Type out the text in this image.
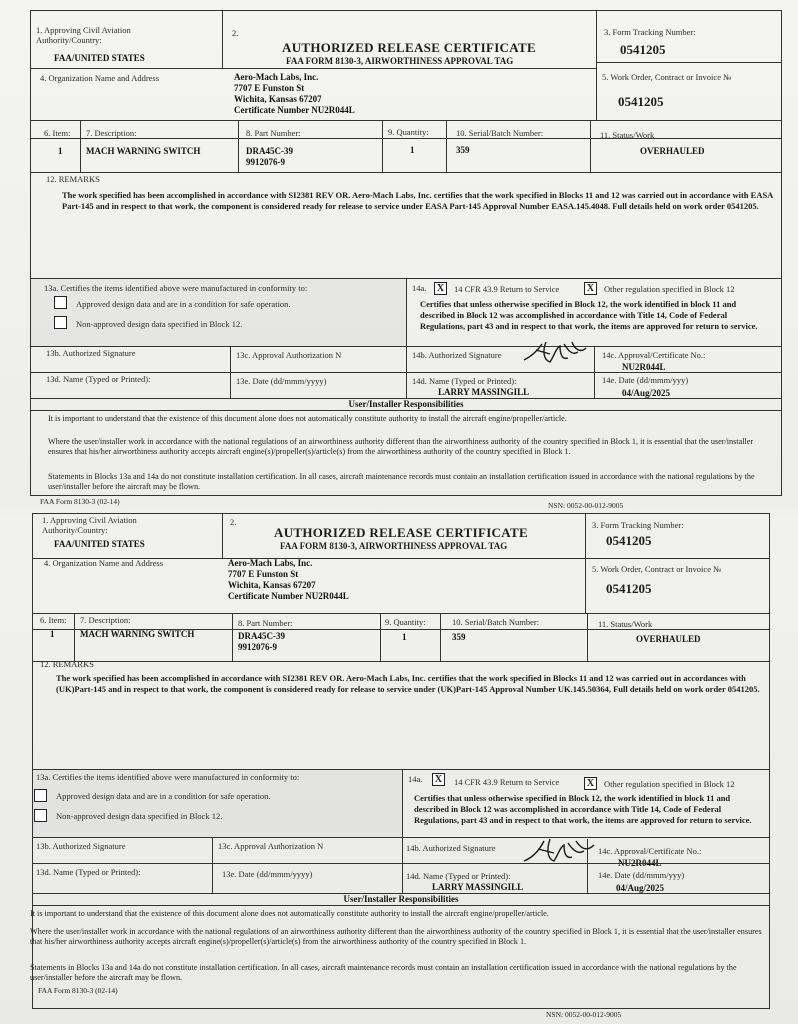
1. Approving Civil Aviation Authority/Country:
FAA/UNITED STATES
2.
AUTHORIZED RELEASE CERTIFICATE
FAA FORM 8130-3, AIRWORTHINESS APPROVAL TAG
3. Form Tracking Number:
0541205
4. Organization Name and Address	Aero-Mach Labs, Inc.
7707 E Funston St
Wichita, Kansas 67207
Certificate Number NU2R044L
5. Work Order, Contract or Invoice №
0541205
6. Item: 7. Description:	8. Part Number:	9. Quantity:	10. Serial/Batch Number:	11. Status/Work
1	MACH WARNING SWITCH	DRA45C-39
9912076-9
1	359	OVERHAULED
12. REMARKS
The work specified has been accomplished in accordance with SI2381 REV OR. Aero-Mach Labs, Inc. certifies that the work specified in Blocks 11 and 12 was carried out in accordance with EASA Part-145 and in respect to that work, the component is considered ready for release to service under EASA Part-145 Approval Number EASA.145.4048. Full details held on work order 0541205.
13a. Certifies the items identified above were manufactured in conformity to:
Approved design data and are in a condition for safe operation.
Non-approved design data specified in Block 12.
14a. X	14 CFR 43.9 Return to Service	X	Other regulation specified in Block 12
Certifies that unless otherwise specified in Block 12, the work identified in block 11 and described in Block 12 was accomplished in accordance with Title 14, Code of Federal Regulations, part 43 and in respect to that work, the items are approved for return to service.
13b. Authorized Signature	13c. Approval Authorization N	14b. Authorized Signature	14c. Approval/Certificate No.:
NU2R044L
13d. Name (Typed or Printed):	13e. Date (dd/mmm/yyyy)	14d. Name (Typed or Printed):
LARRY MASSINGILL
14e. Date (dd/mmm/yyy)
04/Aug/2025
User/Installer Responsibilities
It is important to understand that the existence of this document alone does not automatically constitute authority to install the aircraft engine/propeller/article.
Where the user/installer work in accordance with the national regulations of an airworthiness authority different than the airworthiness authority of the country specified in Block 1, it is essential that the user/installer ensures that his/her airworthiness authority accepts aircraft engine(s)/propeller(s)/article(s) from the airworthiness authority of the country specified in Block 1.
Statements in Blocks 13a and 14a do not constitute installation certification. In all cases, aircraft maintenance records must contain an installation certification issued in accordance with the national regulations by the user/installer before the aircraft may be flown.
FAA Form 8130-3 (02-14)	NSN: 0052-00-012-9005
1. Approving Civil Aviation Authority/Country:
FAA/UNITED STATES
2.
AUTHORIZED RELEASE CERTIFICATE
FAA FORM 8130-3, AIRWORTHINESS APPROVAL TAG
3. Form Tracking Number:
0541205
4. Organization Name and Address	Aero-Mach Labs, Inc.
7707 E Funston St
Wichita, Kansas 67207
Certificate Number NU2R044L
5. Work Order, Contract or Invoice №
0541205
6. Item: 7. Description:	8. Part Number:	9. Quantity:	10. Serial/Batch Number:	11. Status/Work
1	MACH WARNING SWITCH	DRA45C-39
9912076-9
1	359	OVERHAULED
12. REMARKS
The work specified has been accomplished in accordance with SI2381 REV OR. Aero-Mach Labs, Inc. certifies that the work specified in Blocks 11 and 12 was carried out in accordances with (UK)Part-145 and in respect to that work, the component is considered ready for release to service under (UK)Part-145 Approval Number UK.145.50364, Full details held on work order 0541205.
13a. Certifies the items identified above were manufactured in conformity to:
Approved design data and are in a condition for safe operation.
Non-approved design data specified in Block 12.
14a. X	14 CFR 43.9 Return to Service	X	Other regulation specified in Block 12
Certifies that unless otherwise specified in Block 12, the work identified in block 11 and described in Block 12 was accomplished in accordance with Title 14, Code of Federal Regulations, part 43 and in respect to that work, the items are approved for return to service.
13b. Authorized Signature	13c. Approval Authorization N	14b. Authorized Signature	14c. Approval/Certificate No.:
NU2R044L
13d. Name (Typed or Printed):	13e. Date (dd/mmm/yyyy)	14d. Name (Typed or Printed):
LARRY MASSINGILL
14e. Date (dd/mmm/yyy)
04/Aug/2025
User/Installer Responsibilities
It is important to understand that the existence of this document alone does not automatically constitute authority to install the aircraft engine/propeller/article.
Where the user/installer work in accordance with the national regulations of an airworthiness authority different than the airworthiness authority of the country specified in Block 1, it is essential that the user/installer ensures that his/her airworthiness authority accepts aircraft engine(s)/propeller(s)/article(s) from the airworthiness authority of the country specified in Block 1.
Statements in Blocks 13a and 14a do not constitute installation certification. In all cases, aircraft maintenance records must contain an installation certification issued in accordance with the national regulations by the user/installer before the aircraft may be flown.
FAA Form 8130-3 (02-14)
NSN: 0052-00-012-9005
